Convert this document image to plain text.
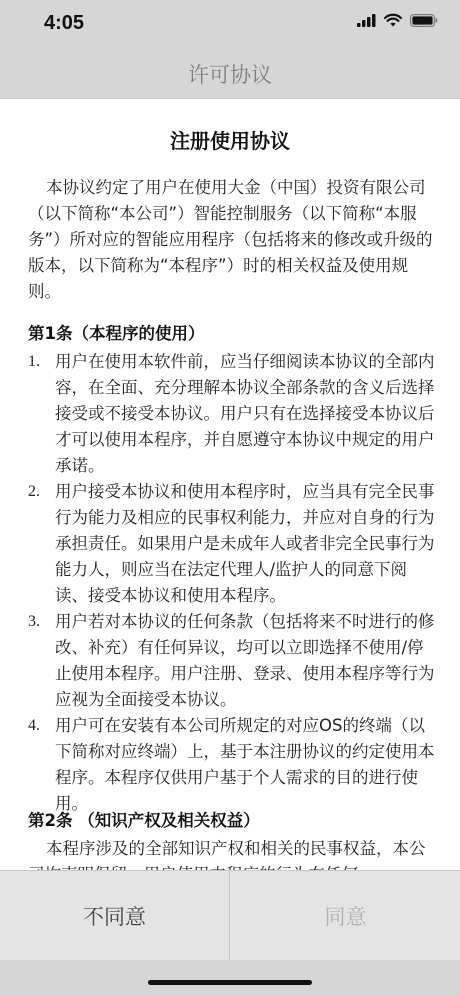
4:05
许可协议
注册使用协议

本协议约定了用户在使用大金（中国）投资有限公司（以下简称“本公司”）智能控制服务（以下简称“本服务”）所对应的智能应用程序（包括将来的修改或升级的版本，以下简称为“本程序”）时的相关权益及使用规则。

第1条（本程序的使用）
1. 用户在使用本软件前，应当仔细阅读本协议的全部内容，在全面、充分理解本协议全部条款的含义后选择接受或不接受本协议。用户只有在选择接受本协议后才可以使用本程序，并自愿遵守本协议中规定的用户承诺。
2. 用户接受本协议和使用本程序时，应当具有完全民事行为能力及相应的民事权利能力，并应对自身的行为承担责任。如果用户是未成年人或者非完全民事行为能力人，则应当在法定代理人/监护人的同意下阅读、接受本协议和使用本程序。
3. 用户若对本协议的任何条款（包括将来不时进行的修改、补充）有任何异议，均可以立即选择不使用/停止使用本程序。用户注册、登录、使用本程序等行为应视为全面接受本协议。
4. 用户可在安装有本公司所规定的对应OS的终端（以下简称对应终端）上，基于本注册协议的约定使用本程序。本程序仅供用户基于个人需求的目的进行使用。
第2条 （知识产权及相关权益）

本程序涉及的全部知识产权和相关的民事权益，本公

不同意	同意
